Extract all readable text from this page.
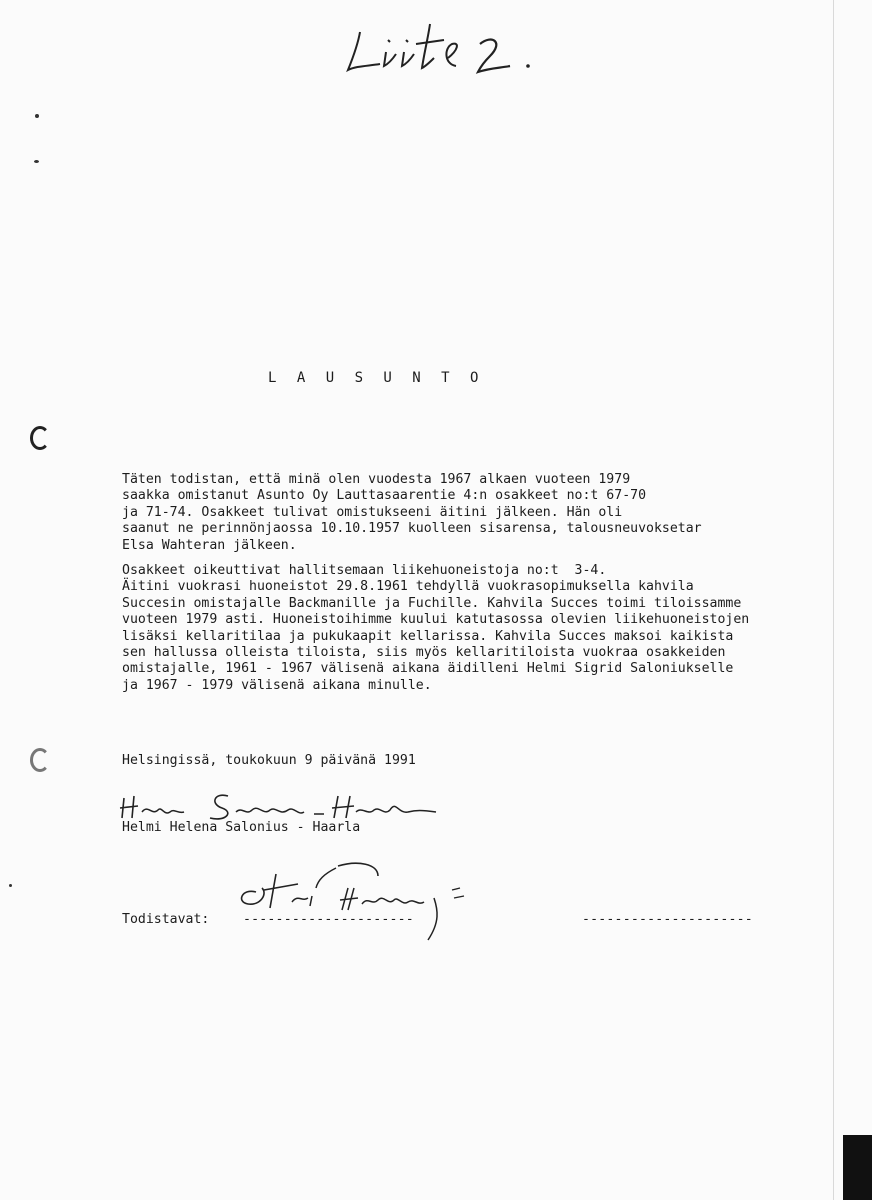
L A U S U N T O
Täten todistan, että minä olen vuodesta 1967 alkaen vuoteen 1979
saakka omistanut Asunto Oy Lauttasaarentie 4:n osakkeet no:t 67-70
ja 71-74. Osakkeet tulivat omistukseeni äitini jälkeen. Hän oli
saanut ne perinnönjaossa 10.10.1957 kuolleen sisarensa, talousneuvoksetar
Elsa Wahteran jälkeen.
Osakkeet oikeuttivat hallitsemaan liikehuoneistoja no:t  3-4.
Äitini vuokrasi huoneistot 29.8.1961 tehdyllä vuokrasopimuksella kahvila
Succesin omistajalle Backmanille ja Fuchille. Kahvila Succes toimi tiloissamme
vuoteen 1979 asti. Huoneistoihimme kuului katutasossa olevien liikehuoneistojen
lisäksi kellaritilaa ja pukukaapit kellarissa. Kahvila Succes maksoi kaikista
sen hallussa olleista tiloista, siis myös kellaritiloista vuokraa osakkeiden
omistajalle, 1961 - 1967 välisenä aikana äidilleni Helmi Sigrid Saloniukselle
ja 1967 - 1979 välisenä aikana minulle.
Helsingissä, toukokuun 9 päivänä 1991
Helmi Helena Salonius - Haarla
Todistavat:	---------------------	---------------------
